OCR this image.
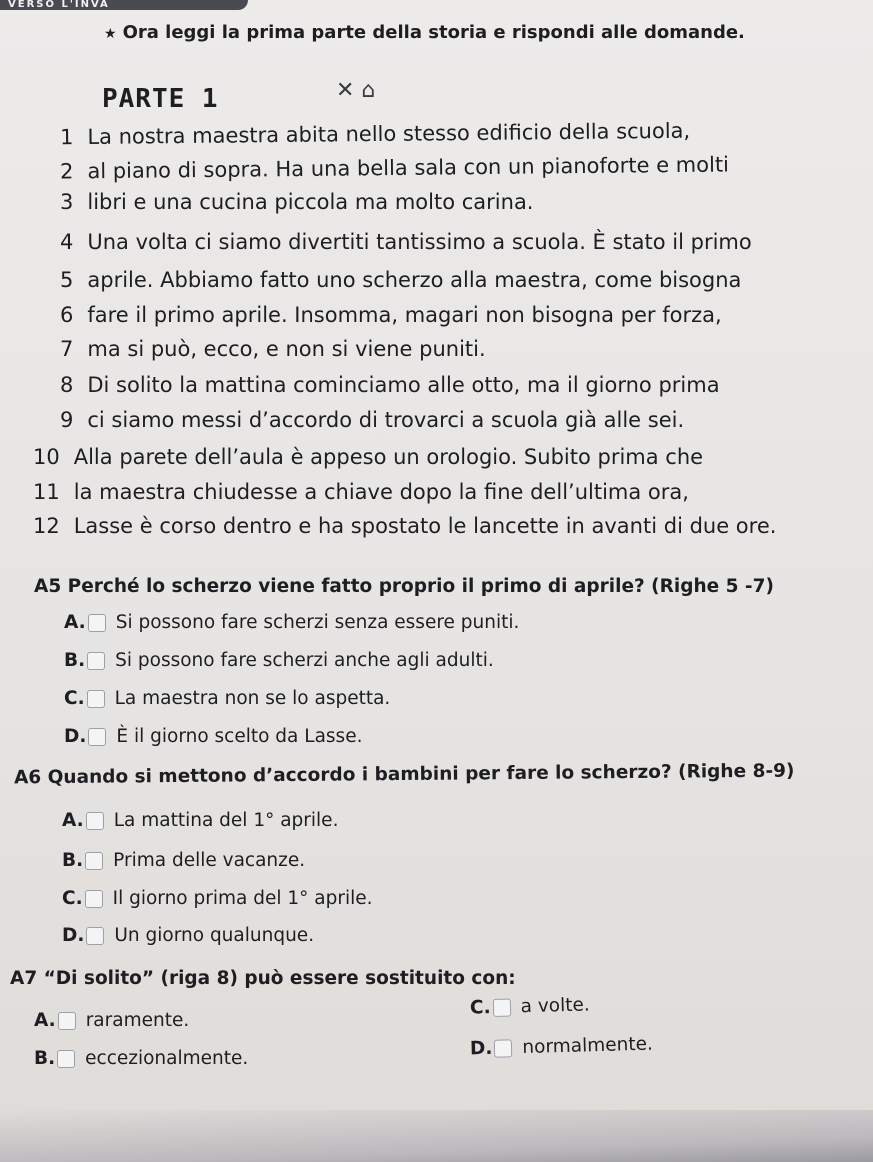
VERSO L'INVA
★ Ora leggi la prima parte della storia e rispondi alle domande.
PARTE 1	✕ ⌂
1 La nostra maestra abita nello stesso edificio della scuola,
2 al piano di sopra. Ha una bella sala con un pianoforte e molti
3 libri e una cucina piccola ma molto carina.
4 Una volta ci siamo divertiti tantissimo a scuola. È stato il primo
5 aprile. Abbiamo fatto uno scherzo alla maestra, come bisogna
6 fare il primo aprile. Insomma, magari non bisogna per forza,
7 ma si può, ecco, e non si viene puniti.
8 Di solito la mattina cominciamo alle otto, ma il giorno prima
9 ci siamo messi d’accordo di trovarci a scuola già alle sei.
10 Alla parete dell’aula è appeso un orologio. Subito prima che
11 la maestra chiudesse a chiave dopo la fine dell’ultima ora,
12 Lasse è corso dentro e ha spostato le lancette in avanti di due ore.
A5 Perché lo scherzo viene fatto proprio il primo di aprile? (Righe 5 -7)
A. Si possono fare scherzi senza essere puniti.
B. Si possono fare scherzi anche agli adulti.
C. La maestra non se lo aspetta.
D. È il giorno scelto da Lasse.
A6 Quando si mettono d’accordo i bambini per fare lo scherzo? (Righe 8-9)
A. La mattina del 1° aprile.
B. Prima delle vacanze.
C. Il giorno prima del 1° aprile.
D. Un giorno qualunque.
A7 “Di solito” (riga 8) può essere sostituito con:
A. raramente.
B. eccezionalmente.
C. a volte.
D. normalmente.
